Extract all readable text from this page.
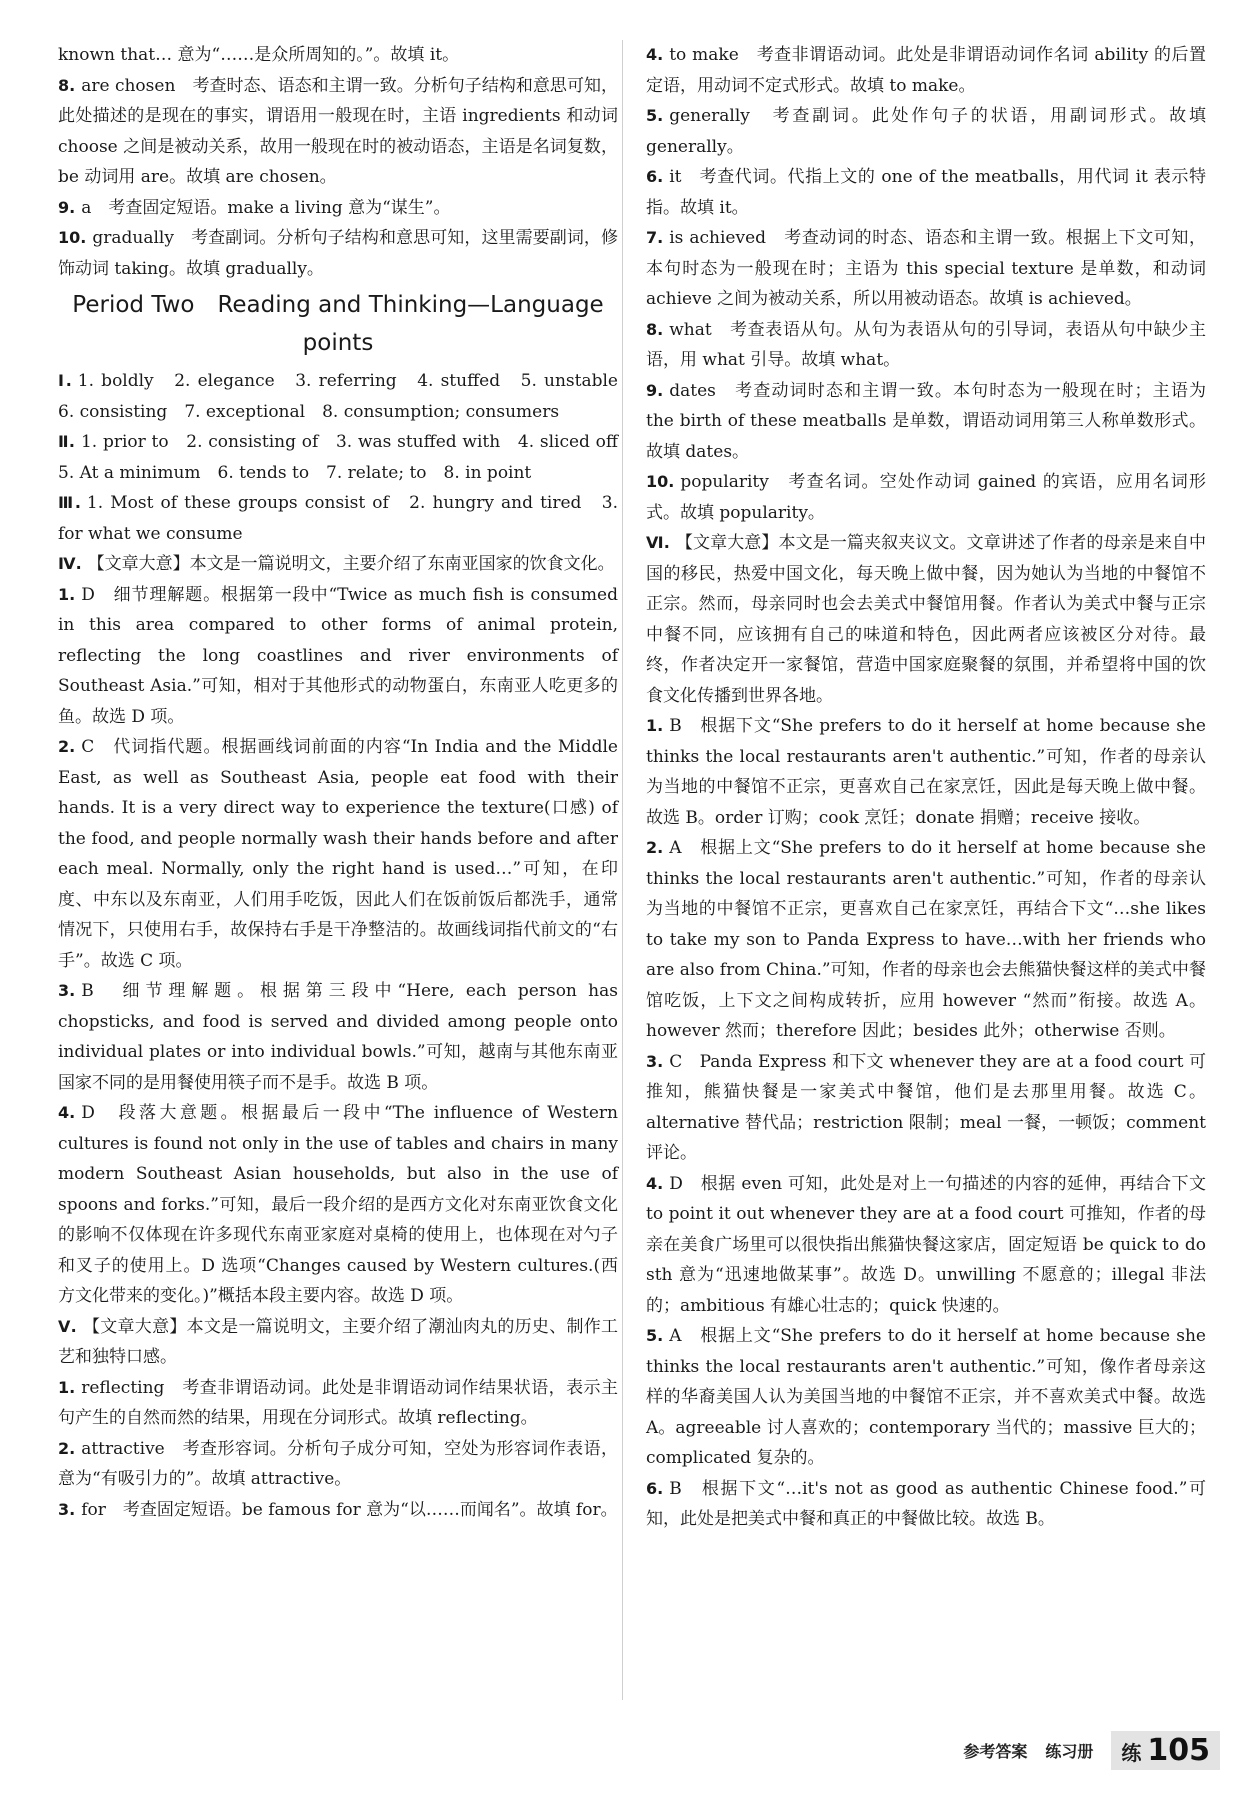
known that… 意为“……是众所周知的。”。故填 it。

8. are chosen　考查时态、语态和主谓一致。分析句子结构和意思可知，此处描述的是现在的事实，谓语用一般现在时，主语 ingredients 和动词 choose 之间是被动关系，故用一般现在时的被动语态，主语是名词复数，be 动词用 are。故填 are chosen。

9. a　考查固定短语。make a living 意为“谋生”。

10. gradually　考查副词。分析句子结构和意思可知，这里需要副词，修饰动词 taking。故填 gradually。

Period Two　Reading and Thinking—Language points

Ⅰ. 1. boldly　2. elegance　3. referring　4. stuffed　5. unstable　6. consisting　7. exceptional　8. consumption; consumers

Ⅱ. 1. prior to　2. consisting of　3. was stuffed with　4. sliced off　5. At a minimum　6. tends to　7. relate; to　8. in point

Ⅲ. 1. Most of these groups consist of　2. hungry and tired　3. for what we consume

Ⅳ. 【文章大意】本文是一篇说明文，主要介绍了东南亚国家的饮食文化。

1. D　细节理解题。根据第一段中“Twice as much fish is consumed in this area compared to other forms of animal protein, reflecting the long coastlines and river environments of Southeast Asia.”可知，相对于其他形式的动物蛋白，东南亚人吃更多的鱼。故选 D 项。

2. C　代词指代题。根据画线词前面的内容“In India and the Middle East, as well as Southeast Asia, people eat food with their hands. It is a very direct way to experience the texture(口感) of the food, and people normally wash their hands before and after each meal. Normally, only the right hand is used…”可知，在印度、中东以及东南亚，人们用手吃饭，因此人们在饭前饭后都洗手，通常情况下，只使用右手，故保持右手是干净整洁的。故画线词指代前文的“右手”。故选 C 项。

3. B　细节理解题。根据第三段中“Here, each person has chopsticks, and food is served and divided among people onto individual plates or into individual bowls.”可知，越南与其他东南亚国家不同的是用餐使用筷子而不是手。故选 B 项。

4. D　段落大意题。根据最后一段中“The influence of Western cultures is found not only in the use of tables and chairs in many modern Southeast Asian households, but also in the use of spoons and forks.”可知，最后一段介绍的是西方文化对东南亚饮食文化的影响不仅体现在许多现代东南亚家庭对桌椅的使用上，也体现在对勺子和叉子的使用上。D 选项“Changes caused by Western cultures.(西方文化带来的变化。)”概括本段主要内容。故选 D 项。

Ⅴ. 【文章大意】本文是一篇说明文，主要介绍了潮汕肉丸的历史、制作工艺和独特口感。

1. reflecting　考查非谓语动词。此处是非谓语动词作结果状语，表示主句产生的自然而然的结果，用现在分词形式。故填 reflecting。

2. attractive　考查形容词。分析句子成分可知，空处为形容词作表语，意为“有吸引力的”。故填 attractive。

3. for　考查固定短语。be famous for 意为“以……而闻名”。故填 for。

4. to make　考查非谓语动词。此处是非谓语动词作名词 ability 的后置定语，用动词不定式形式。故填 to make。

5. generally　考查副词。此处作句子的状语，用副词形式。故填 generally。

6. it　考查代词。代指上文的 one of the meatballs，用代词 it 表示特指。故填 it。

7. is achieved　考查动词的时态、语态和主谓一致。根据上下文可知，本句时态为一般现在时；主语为 this special texture 是单数，和动词 achieve 之间为被动关系，所以用被动语态。故填 is achieved。

8. what　考查表语从句。从句为表语从句的引导词，表语从句中缺少主语，用 what 引导。故填 what。

9. dates　考查动词时态和主谓一致。本句时态为一般现在时；主语为 the birth of these meatballs 是单数，谓语动词用第三人称单数形式。故填 dates。

10. popularity　考查名词。空处作动词 gained 的宾语，应用名词形式。故填 popularity。

Ⅵ. 【文章大意】本文是一篇夹叙夹议文。文章讲述了作者的母亲是来自中国的移民，热爱中国文化，每天晚上做中餐，因为她认为当地的中餐馆不正宗。然而，母亲同时也会去美式中餐馆用餐。作者认为美式中餐与正宗中餐不同，应该拥有自己的味道和特色，因此两者应该被区分对待。最终，作者决定开一家餐馆，营造中国家庭聚餐的氛围，并希望将中国的饮食文化传播到世界各地。

1. B　根据下文“She prefers to do it herself at home because she thinks the local restaurants aren't authentic.”可知，作者的母亲认为当地的中餐馆不正宗，更喜欢自己在家烹饪，因此是每天晚上做中餐。故选 B。order 订购；cook 烹饪；donate 捐赠；receive 接收。

2. A　根据上文“She prefers to do it herself at home because she thinks the local restaurants aren't authentic.”可知，作者的母亲认为当地的中餐馆不正宗，更喜欢自己在家烹饪，再结合下文“…she likes to take my son to Panda Express to have…with her friends who are also from China.”可知，作者的母亲也会去熊猫快餐这样的美式中餐馆吃饭，上下文之间构成转折，应用 however “然而”衔接。故选 A。however 然而；therefore 因此；besides 此外；otherwise 否则。

3. C　Panda Express 和下文 whenever they are at a food court 可推知，熊猫快餐是一家美式中餐馆，他们是去那里用餐。故选 C。alternative 替代品；restriction 限制；meal 一餐，一顿饭；comment 评论。

4. D　根据 even 可知，此处是对上一句描述的内容的延伸，再结合下文 to point it out whenever they are at a food court 可推知，作者的母亲在美食广场里可以很快指出熊猫快餐这家店，固定短语 be quick to do sth 意为“迅速地做某事”。故选 D。unwilling 不愿意的；illegal 非法的；ambitious 有雄心壮志的；quick 快速的。

5. A　根据上文“She prefers to do it herself at home because she thinks the local restaurants aren't authentic.”可知，像作者母亲这样的华裔美国人认为美国当地的中餐馆不正宗，并不喜欢美式中餐。故选 A。agreeable 讨人喜欢的；contemporary 当代的；massive 巨大的；complicated 复杂的。

6. B　根据下文“…it's not as good as authentic Chinese food.”可知，此处是把美式中餐和真正的中餐做比较。故选 B。

参考答案 练习册 练 105
